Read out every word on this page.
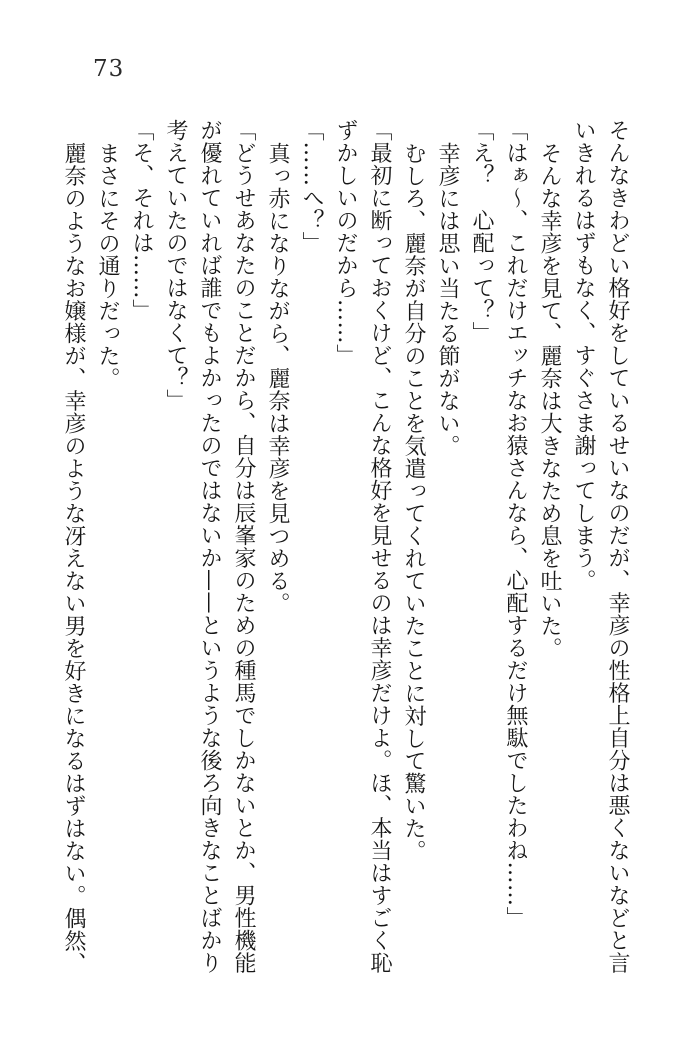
73
そんなきわどい格好をしているせいなのだが、幸彦の性格上自分は悪くないなどと言
いきれるはずもなく、すぐさま謝ってしまう。
そんな幸彦を見て、麗奈は大きなため息を吐いた。
「はぁ〜、これだけエッチなお猿さんなら、心配するだけ無駄でしたわね……」
「え？　心配って？」
幸彦には思い当たる節がない。
むしろ、麗奈が自分のことを気遣ってくれていたことに対して驚いた。
「最初に断っておくけど、こんな格好を見せるのは幸彦だけよ。ほ、本当はすごく恥
ずかしいのだから……」
「……へ？」
真っ赤になりながら、麗奈は幸彦を見つめる。
「どうせあなたのことだから、自分は辰峯家のための種馬でしかないとか、男性機能
が優れていれば誰でもよかったのではないか——というような後ろ向きなことばかり
考えていたのではなくて？」
「そ、それは……」
まさにその通りだった。
麗奈のようなお嬢様が、幸彦のような冴えない男を好きになるはずはない。偶然、
